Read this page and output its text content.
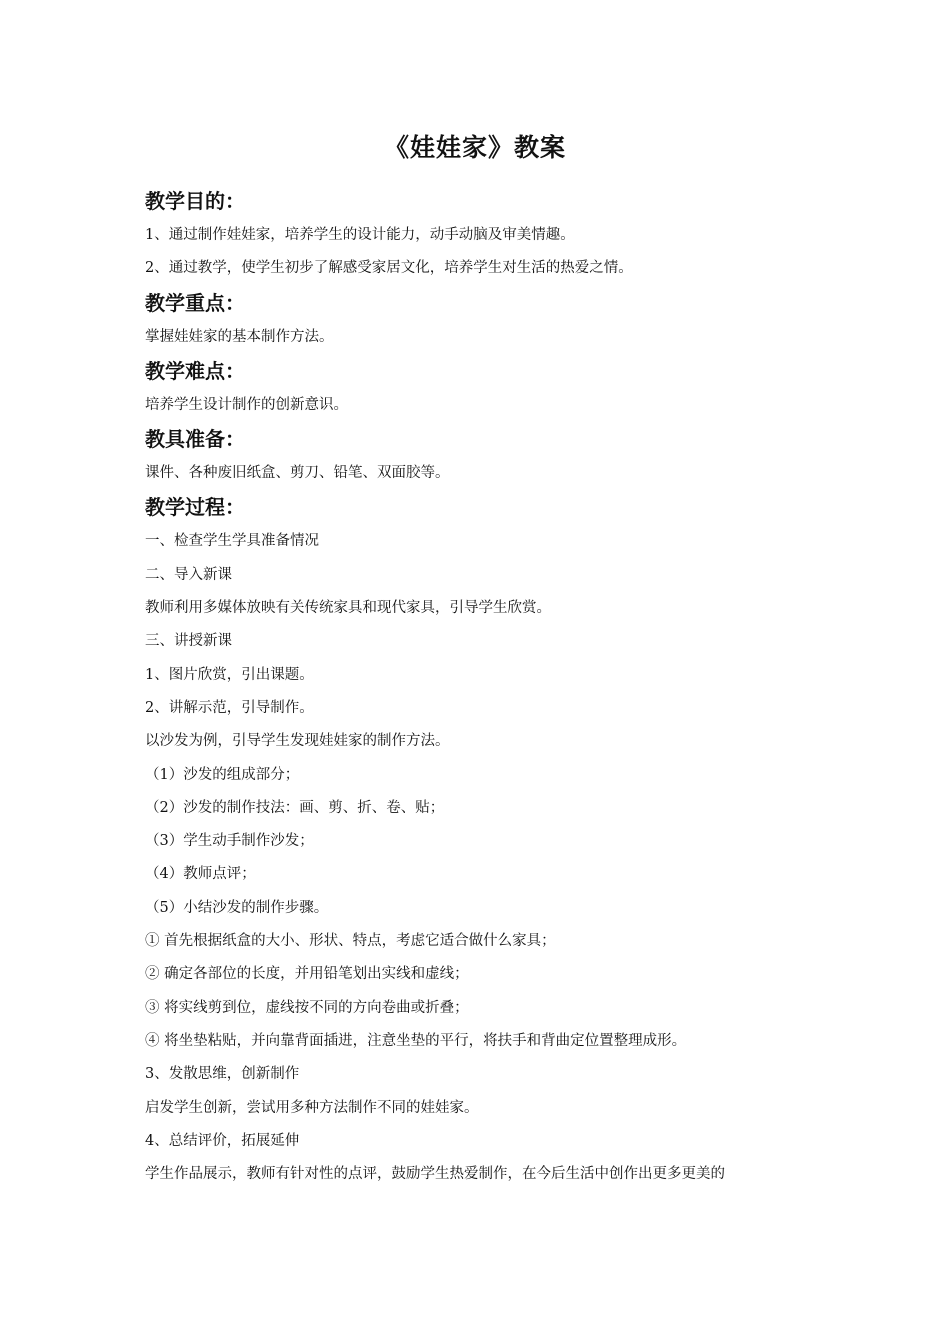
《娃娃家》教案
教学目的：
1、通过制作娃娃家，培养学生的设计能力，动手动脑及审美情趣。
2、通过教学，使学生初步了解感受家居文化，培养学生对生活的热爱之情。
教学重点：
掌握娃娃家的基本制作方法。
教学难点：
培养学生设计制作的创新意识。
教具准备：
课件、各种废旧纸盒、剪刀、铅笔、双面胶等。
教学过程：
一、检查学生学具准备情况
二、导入新课
教师利用多媒体放映有关传统家具和现代家具，引导学生欣赏。
三、讲授新课
1、图片欣赏，引出课题。
2、讲解示范，引导制作。
以沙发为例，引导学生发现娃娃家的制作方法。
（1）沙发的组成部分；
（2）沙发的制作技法：画、剪、折、卷、贴；
（3）学生动手制作沙发；
（4）教师点评；
（5）小结沙发的制作步骤。
① 首先根据纸盒的大小、形状、特点，考虑它适合做什么家具；
② 确定各部位的长度，并用铅笔划出实线和虚线；
③ 将实线剪到位，虚线按不同的方向卷曲或折叠；
④ 将坐垫粘贴，并向靠背面插进，注意坐垫的平行，将扶手和背曲定位置整理成形。
3、发散思维，创新制作
启发学生创新，尝试用多种方法制作不同的娃娃家。
4、总结评价，拓展延伸
学生作品展示，教师有针对性的点评，鼓励学生热爱制作，在今后生活中创作出更多更美的
